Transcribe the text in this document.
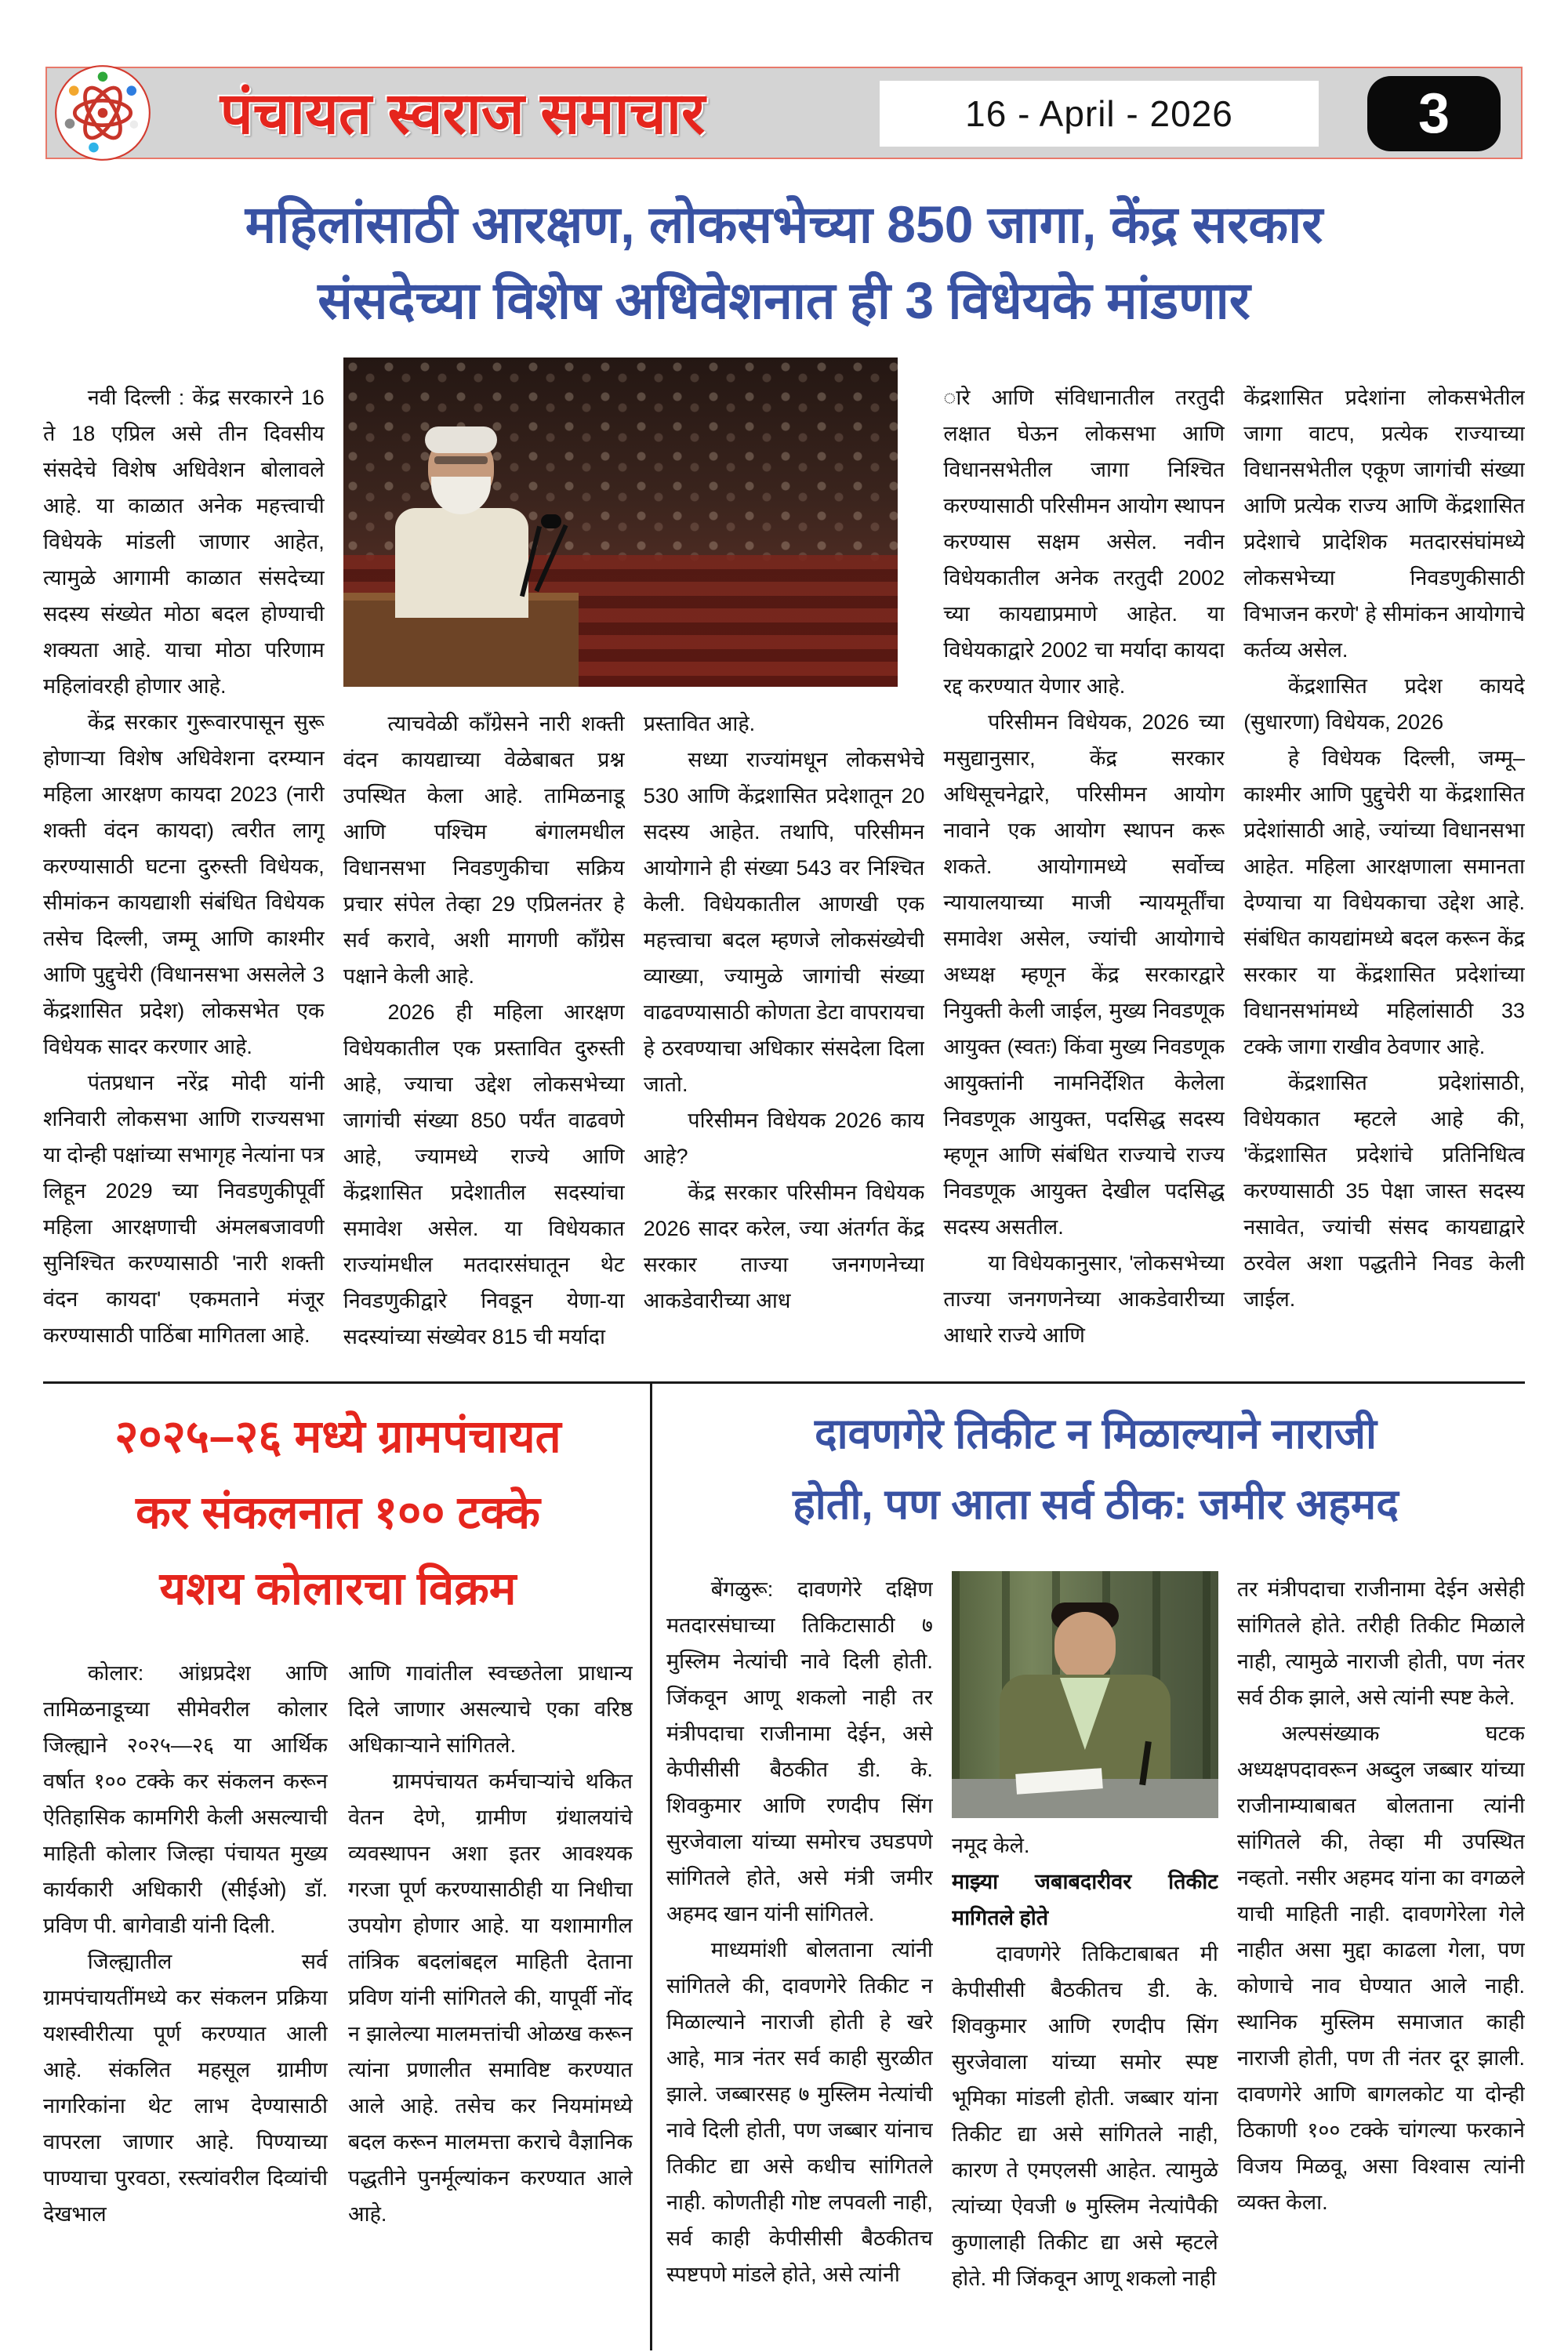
पंचायत स्वराज समाचार	16 - April - 2026	3
महिलांसाठी आरक्षण, लोकसभेच्या 850 जागा, केंद्र सरकार
संसदेच्या विशेष अधिवेशनात ही 3 विधेयके मांडणार

नवी दिल्ली : केंद्र सरकारने 16 ते 18 एप्रिल असे तीन दिवसीय संसदेचे विशेष अधिवेशन बोलावले आहे. या काळात अनेक महत्त्वाची विधेयके मांडली जाणार आहेत, त्यामुळे आगामी काळात संसदेच्या सदस्य संख्येत मोठा बदल होण्याची शक्यता आहे. याचा मोठा परिणाम महिलांवरही होणार आहे.

केंद्र सरकार गुरूवारपासून सुरू होणाऱ्या विशेष अधिवेशना दरम्यान महिला आरक्षण कायदा 2023 (नारी शक्ती वंदन कायदा) त्वरीत लागू करण्यासाठी घटना दुरुस्ती विधेयक, सीमांकन कायद्याशी संबंधित विधेयक तसेच दिल्ली, जम्मू आणि काश्मीर आणि पुद्दुचेरी (विधानसभा असलेले 3 केंद्रशासित प्रदेश) लोकसभेत एक विधेयक सादर करणार आहे.

पंतप्रधान नरेंद्र मोदी यांनी शनिवारी लोकसभा आणि राज्यसभा या दोन्ही पक्षांच्या सभागृह नेत्यांना पत्र लिहून 2029 च्या निवडणुकीपूर्वी महिला आरक्षणाची अंमलबजावणी सुनिश्चित करण्यासाठी 'नारी शक्ती वंदन कायदा' एकमताने मंजूर करण्यासाठी पाठिंबा मागितला आहे.

त्याचवेळी काँग्रेसने नारी शक्ती वंदन कायद्याच्या वेळेबाबत प्रश्न उपस्थित केला आहे. तामिळनाडू आणि पश्चिम बंगालमधील विधानसभा निवडणुकीचा सक्रिय प्रचार संपेल तेव्हा 29 एप्रिलनंतर हे सर्व करावे, अशी मागणी काँग्रेस पक्षाने केली आहे.

2026 ही महिला आरक्षण विधेयकातील एक प्रस्तावित दुरुस्ती आहे, ज्याचा उद्देश लोकसभेच्या जागांची संख्या 850 पर्यंत वाढवणे आहे, ज्यामध्ये राज्ये आणि केंद्रशासित प्रदेशातील सदस्यांचा समावेश असेल. या विधेयकात राज्यांमधील मतदारसंघातून थेट निवडणुकीद्वारे निवडून येणा-या सदस्यांच्या संख्येवर 815 ची मर्यादा

प्रस्तावित आहे.

सध्या राज्यांमधून लोकसभेचे 530 आणि केंद्रशासित प्रदेशातून 20 सदस्य आहेत. तथापि, परिसीमन आयोगाने ही संख्या 543 वर निश्चित केली. विधेयकातील आणखी एक महत्त्वाचा बदल म्हणजे लोकसंख्येची व्याख्या, ज्यामुळे जागांची संख्या वाढवण्यासाठी कोणता डेटा वापरायचा हे ठरवण्याचा अधिकार संसदेला दिला जातो.

परिसीमन विधेयक 2026 काय आहे?

केंद्र सरकार परिसीमन विधेयक 2026 सादर करेल, ज्या अंतर्गत केंद्र सरकार ताज्या जनगणनेच्या आकडेवारीच्या आध

ारे आणि संविधानातील तरतुदी लक्षात घेऊन लोकसभा आणि विधानसभेतील जागा निश्चित करण्यासाठी परिसीमन आयोग स्थापन करण्यास सक्षम असेल. नवीन विधेयकातील अनेक तरतुदी 2002 च्या कायद्याप्रमाणे आहेत. या विधेयकाद्वारे 2002 चा मर्यादा कायदा रद्द करण्यात येणार आहे.

परिसीमन विधेयक, 2026 च्या मसुद्यानुसार, केंद्र सरकार अधिसूचनेद्वारे, परिसीमन आयोग नावाने एक आयोग स्थापन करू शकते. आयोगामध्ये सर्वोच्च न्यायालयाच्या माजी न्यायमूर्तींचा समावेश असेल, ज्यांची आयोगाचे अध्यक्ष म्हणून केंद्र सरकारद्वारे नियुक्ती केली जाईल, मुख्य निवडणूक आयुक्त (स्वतः) किंवा मुख्य निवडणूक आयुक्तांनी नामनिर्देशित केलेला निवडणूक आयुक्त, पदसिद्ध सदस्य म्हणून आणि संबंधित राज्याचे राज्य निवडणूक आयुक्त देखील पदसिद्ध सदस्य असतील.

या विधेयकानुसार, 'लोकसभेच्या ताज्या जनगणनेच्या आकडेवारीच्या आधारे राज्ये आणि

केंद्रशासित प्रदेशांना लोकसभेतील जागा वाटप, प्रत्येक राज्याच्या विधानसभेतील एकूण जागांची संख्या आणि प्रत्येक राज्य आणि केंद्रशासित प्रदेशाचे प्रादेशिक मतदारसंघांमध्ये लोकसभेच्या निवडणुकीसाठी विभाजन करणे' हे सीमांकन आयोगाचे कर्तव्य असेल.

केंद्रशासित प्रदेश कायदे (सुधारणा) विधेयक, 2026

हे विधेयक दिल्ली, जम्मू–काश्मीर आणि पुद्दुचेरी या केंद्रशासित प्रदेशांसाठी आहे, ज्यांच्या विधानसभा आहेत. महिला आरक्षणाला समानता देण्याचा या विधेयकाचा उद्देश आहे. संबंधित कायद्यांमध्ये बदल करून केंद्र सरकार या केंद्रशासित प्रदेशांच्या विधानसभांमध्ये महिलांसाठी 33 टक्के जागा राखीव ठेवणार आहे.

केंद्रशासित प्रदेशांसाठी, विधेयकात म्हटले आहे की, 'केंद्रशासित प्रदेशांचे प्रतिनिधित्व करण्यासाठी 35 पेक्षा जास्त सदस्य नसावेत, ज्यांची संसद कायद्याद्वारे ठरवेल अशा पद्धतीने निवड केली जाईल.

२०२५–२६ मध्ये ग्रामपंचायत
कर संकलनात १०० टक्के
यशय कोलारचा विक्रम

कोलार: आंध्रप्रदेश आणि तामिळनाडूच्या सीमेवरील कोलार जिल्ह्याने २०२५—२६ या आर्थिक वर्षात १०० टक्के कर संकलन करून ऐतिहासिक कामगिरी केली असल्याची माहिती कोलार जिल्हा पंचायत मुख्य कार्यकारी अधिकारी (सीईओ) डॉ. प्रविण पी. बागेवाडी यांनी दिली.

जिल्ह्यातील सर्व ग्रामपंचायतींमध्ये कर संकलन प्रक्रिया यशस्वीरीत्या पूर्ण करण्यात आली आहे. संकलित महसूल ग्रामीण नागरिकांना थेट लाभ देण्यासाठी वापरला जाणार आहे. पिण्याच्या पाण्याचा पुरवठा, रस्त्यांवरील दिव्यांची देखभाल

आणि गावांतील स्वच्छतेला प्राधान्य दिले जाणार असल्याचे एका वरिष्ठ अधिकाऱ्याने सांगितले.

ग्रामपंचायत कर्मचाऱ्यांचे थकित वेतन देणे, ग्रामीण ग्रंथालयांचे व्यवस्थापन अशा इतर आवश्यक गरजा पूर्ण करण्यासाठीही या निधीचा उपयोग होणार आहे. या यशामागील तांत्रिक बदलांबद्दल माहिती देताना प्रविण यांनी सांगितले की, यापूर्वी नोंद न झालेल्या मालमत्तांची ओळख करून त्यांना प्रणालीत समाविष्ट करण्यात आले आहे. तसेच कर नियमांमध्ये बदल करून मालमत्ता कराचे वैज्ञानिक पद्धतीने पुनर्मूल्यांकन करण्यात आले आहे.

दावणगेरे तिकीट न मिळाल्याने नाराजी
होती, पण आता सर्व ठीक: जमीर अहमद

बेंगळुरू: दावणगेरे दक्षिण मतदारसंघाच्या तिकिटासाठी ७ मुस्लिम नेत्यांची नावे दिली होती. जिंकवून आणू शकलो नाही तर मंत्रीपदाचा राजीनामा देईन, असे केपीसीसी बैठकीत डी. के. शिवकुमार आणि रणदीप सिंग सुरजेवाला यांच्या समोरच उघडपणे सांगितले होते, असे मंत्री जमीर अहमद खान यांनी सांगितले.

माध्यमांशी बोलताना त्यांनी सांगितले की, दावणगेरे तिकीट न मिळाल्याने नाराजी होती हे खरे आहे, मात्र नंतर सर्व काही सुरळीत झाले. जब्बारसह ७ मुस्लिम नेत्यांची नावे दिली होती, पण जब्बार यांनाच तिकीट द्या असे कधीच सांगितले नाही. कोणतीही गोष्ट लपवली नाही, सर्व काही केपीसीसी बैठकीतच स्पष्टपणे मांडले होते, असे त्यांनी

नमूद केले.

माझ्या जबाबदारीवर तिकीट मागितले होते

दावणगेरे तिकिटाबाबत मी केपीसीसी बैठकीतच डी. के. शिवकुमार आणि रणदीप सिंग सुरजेवाला यांच्या समोर स्पष्ट भूमिका मांडली होती. जब्बार यांना तिकीट द्या असे सांगितले नाही, कारण ते एमएलसी आहेत. त्यामुळे त्यांच्या ऐवजी ७ मुस्लिम नेत्यांपैकी कुणालाही तिकीट द्या असे म्हटले होते. मी जिंकवून आणू शकलो नाही

तर मंत्रीपदाचा राजीनामा देईन असेही सांगितले होते. तरीही तिकीट मिळाले नाही, त्यामुळे नाराजी होती, पण नंतर सर्व ठीक झाले, असे त्यांनी स्पष्ट केले.

अल्पसंख्याक घटक अध्यक्षपदावरून अब्दुल जब्बार यांच्या राजीनाम्याबाबत बोलताना त्यांनी सांगितले की, तेव्हा मी उपस्थित नव्हतो. नसीर अहमद यांना का वगळले याची माहिती नाही. दावणगेरेला गेले नाहीत असा मुद्दा काढला गेला, पण कोणाचे नाव घेण्यात आले नाही. स्थानिक मुस्लिम समाजात काही नाराजी होती, पण ती नंतर दूर झाली. दावणगेरे आणि बागलकोट या दोन्ही ठिकाणी १०० टक्के चांगल्या फरकाने विजय मिळवू, असा विश्वास त्यांनी व्यक्त केला.
